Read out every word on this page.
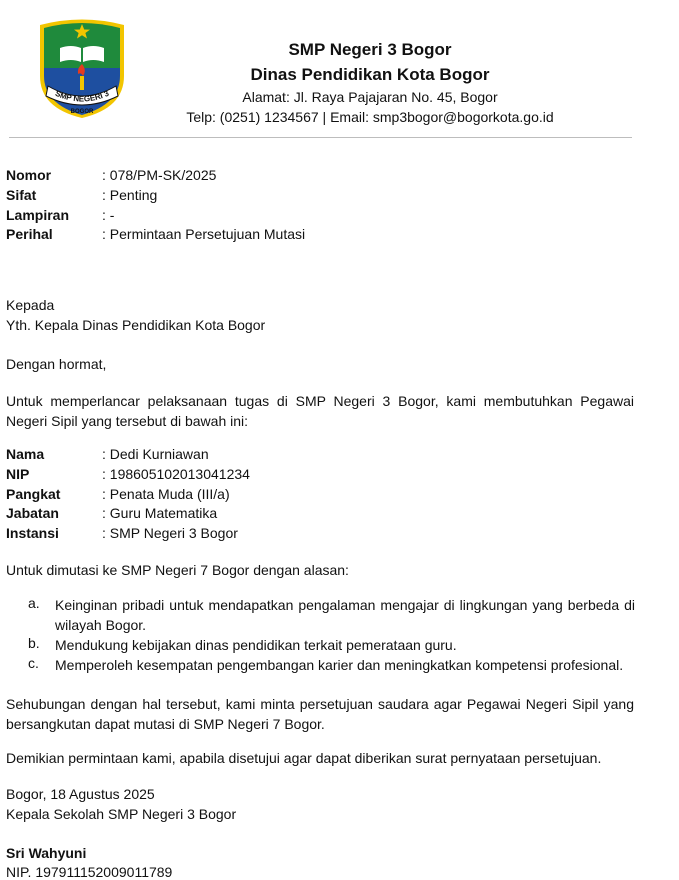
SMP NEGERI 3
BOGOR
SMP Negeri 3 Bogor
Dinas Pendidikan Kota Bogor
Alamat: Jl. Raya Pajajaran No. 45, Bogor
Telp: (0251) 1234567 | Email: smp3bogor@bogorkota.go.id
Nomor	: 078/PM-SK/2025
Sifat	: Penting
Lampiran : -
Perihal	: Permintaan Persetujuan Mutasi
Kepada
Yth. Kepala Dinas Pendidikan Kota Bogor
Dengan hormat,
Untuk memperlancar pelaksanaan tugas di SMP Negeri 3 Bogor, kami membutuhkan Pegawai Negeri Sipil yang tersebut di bawah ini:
Nama	: Dedi Kurniawan
NIP	: 198605102013041234
Pangkat	: Penata Muda (III/a)
Jabatan	: Guru Matematika
Instansi	: SMP Negeri 3 Bogor
Untuk dimutasi ke SMP Negeri 7 Bogor dengan alasan:
a. Keinginan pribadi untuk mendapatkan pengalaman mengajar di lingkungan yang berbeda di wilayah Bogor.
b. Mendukung kebijakan dinas pendidikan terkait pemerataan guru.
c. Memperoleh kesempatan pengembangan karier dan meningkatkan kompetensi profesional.
Sehubungan dengan hal tersebut, kami minta persetujuan saudara agar Pegawai Negeri Sipil yang bersangkutan dapat mutasi di SMP Negeri 7 Bogor.
Demikian permintaan kami, apabila disetujui agar dapat diberikan surat pernyataan persetujuan.
Bogor, 18 Agustus 2025
Kepala Sekolah SMP Negeri 3 Bogor
Sri Wahyuni
NIP. 197911152009011789
